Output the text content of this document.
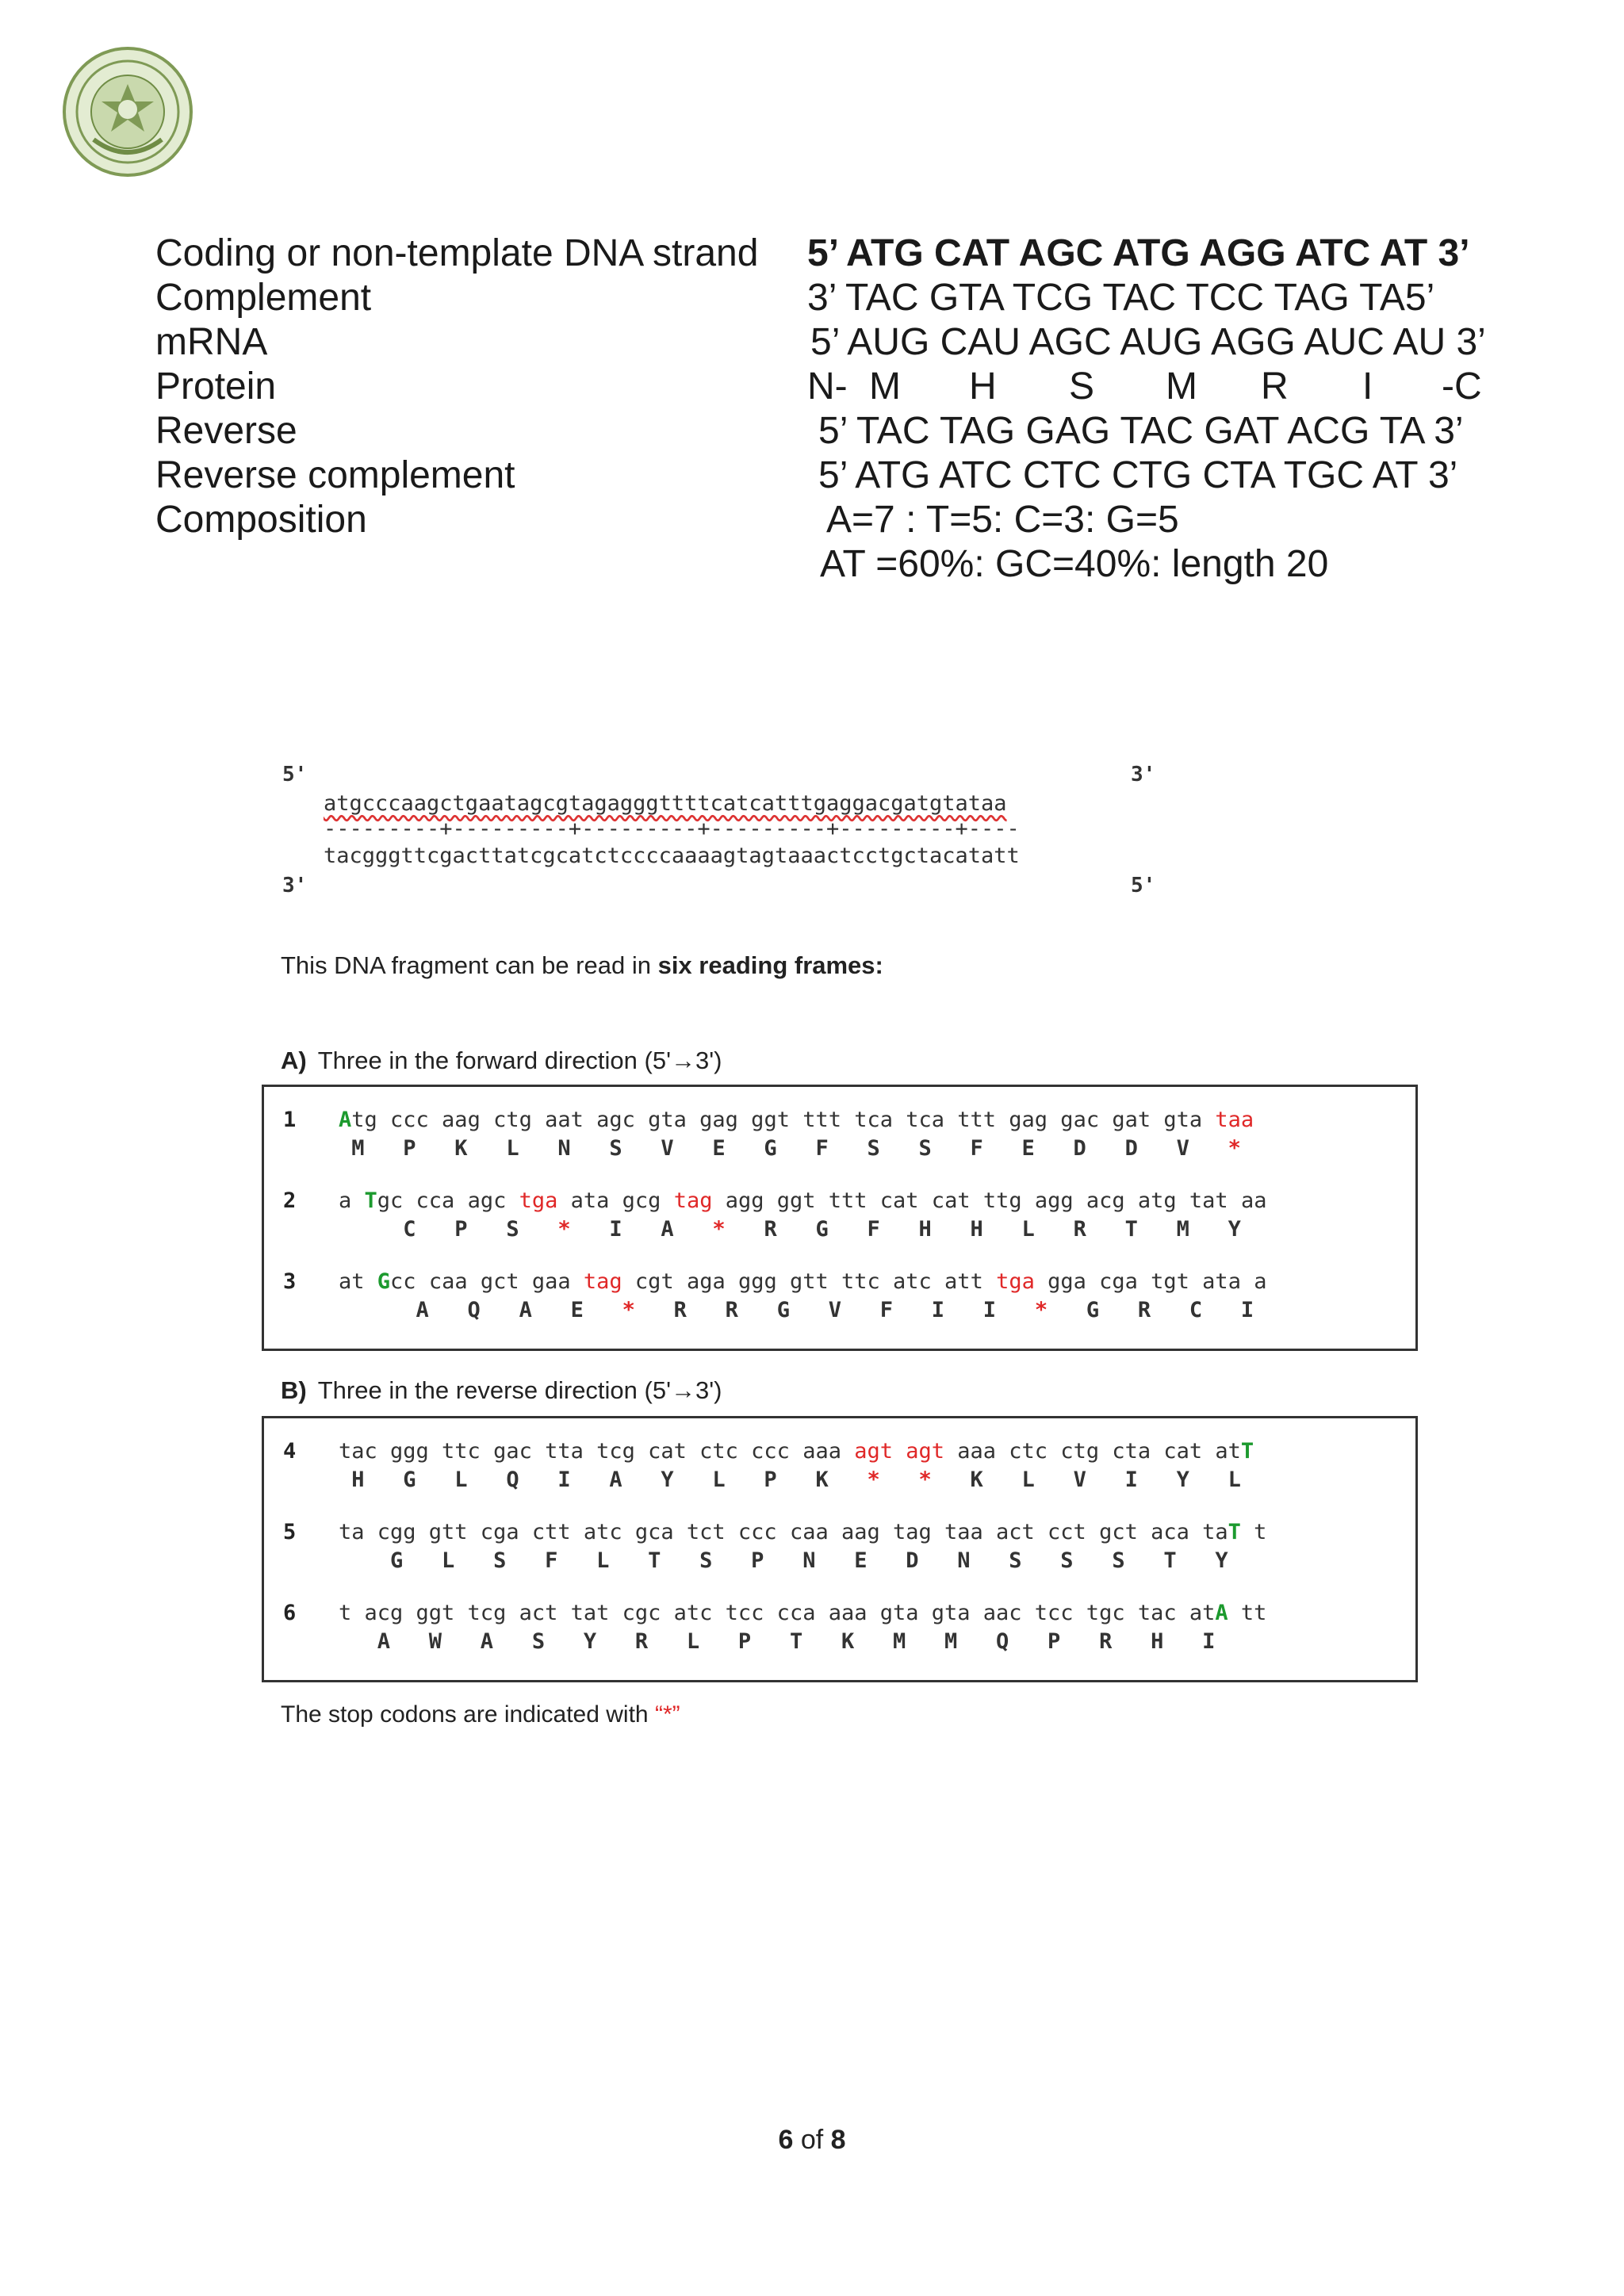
Coding or non-template DNA strand 5’ ATG CAT AGC ATG AGG ATC AT 3’
Complement	3’ TAC GTA TCG TAC TCC TAG TA5’
mRNA	5’ AUG CAU AGC AUG AGG AUC AU 3’
Protein	N- M H S M R I -C
Reverse	5’ TAC TAG GAG TAC GAT ACG TA 3’
Reverse complement	5’ ATG ATC CTC CTG CTA TGC AT 3’
Composition	A=7 : T=5: C=3: G=5
AT =60%: GC=40%: length 20
5'	3'
atgcccaagctgaatagcgtagagggttttcatcatttgaggacgatgtataa
---------+---------+---------+---------+---------+----
tacgggttcgacttatcgcatctccccaaaagtagtaaactcctgctacatatt
3'	5'
This DNA fragment can be read in six reading frames:
A) Three in the forward direction (5'→3')
1 Atg ccc aag ctg aat agc gta gag ggt ttt tca tca ttt gag gac gat gta taa
M   P   K   L   N   S   V   E   G   F   S   S   F   E   D   D   V   *
2 a Tgc cca agc tga ata gcg tag agg ggt ttt cat cat ttg agg acg atg tat aa
C   P   S   *   I   A   *   R   G   F   H   H   L   R   T   M   Y
3 at Gcc caa gct gaa tag cgt aga ggg gtt ttc atc att tga gga cga tgt ata a
A   Q   A   E   *   R   R   G   V   F   I   I   *   G   R   C   I
B) Three in the reverse direction (5'→3')
4 tac ggg ttc gac tta tcg cat ctc ccc aaa agt agt aaa ctc ctg cta cat atT
H   G   L   Q   I   A   Y   L   P   K   *   *   K   L   V   I   Y   L
5 ta cgg gtt cga ctt atc gca tct ccc caa aag tag taa act cct gct aca taT t
G   L   S   F   L   T   S   P   N   E   D   N   S   S   S   T   Y
6 t acg ggt tcg act tat cgc atc tcc cca aaa gta gta aac tcc tgc tac atA tt
A   W   A   S   Y   R   L   P   T   K   M   M   Q   P   R   H   I
The stop codons are indicated with “*”
6 of 8
